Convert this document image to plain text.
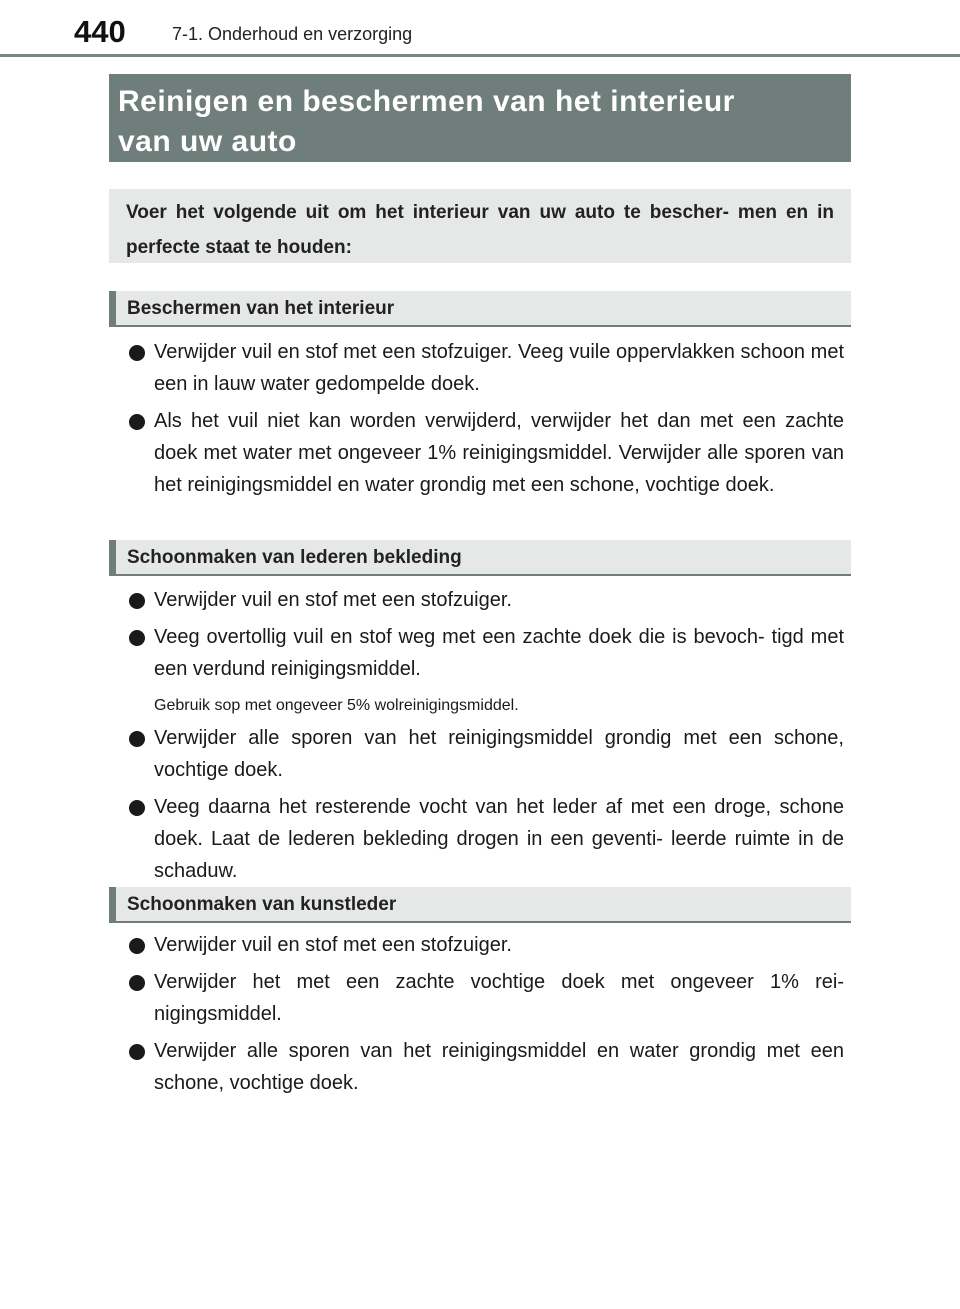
440	7-1. Onderhoud en verzorging

Reinigen en beschermen van het interieur
van uw auto

Voer het volgende uit om het interieur van uw auto te bescher- men en in perfecte staat te houden:

Beschermen van het interieur
Verwijder vuil en stof met een stofzuiger. Veeg vuile oppervlakken schoon met een in lauw water gedompelde doek.
Als het vuil niet kan worden verwijderd, verwijder het dan met een zachte doek met water met ongeveer 1% reinigingsmiddel. Verwijder alle sporen van het reinigingsmiddel en water grondig met een schone, vochtige doek.
Schoonmaken van lederen bekleding
Verwijder vuil en stof met een stofzuiger.
Veeg overtollig vuil en stof weg met een zachte doek die is bevoch- tigd met een verdund reinigingsmiddel.
Gebruik sop met ongeveer 5% wolreinigingsmiddel.
Verwijder alle sporen van het reinigingsmiddel grondig met een schone, vochtige doek.
Veeg daarna het resterende vocht van het leder af met een droge, schone doek. Laat de lederen bekleding drogen in een geventi- leerde ruimte in de schaduw.
Schoonmaken van kunstleder
Verwijder vuil en stof met een stofzuiger.
Verwijder het met een zachte vochtige doek met ongeveer 1% rei- nigingsmiddel.
Verwijder alle sporen van het reinigingsmiddel en water grondig met een schone, vochtige doek.
